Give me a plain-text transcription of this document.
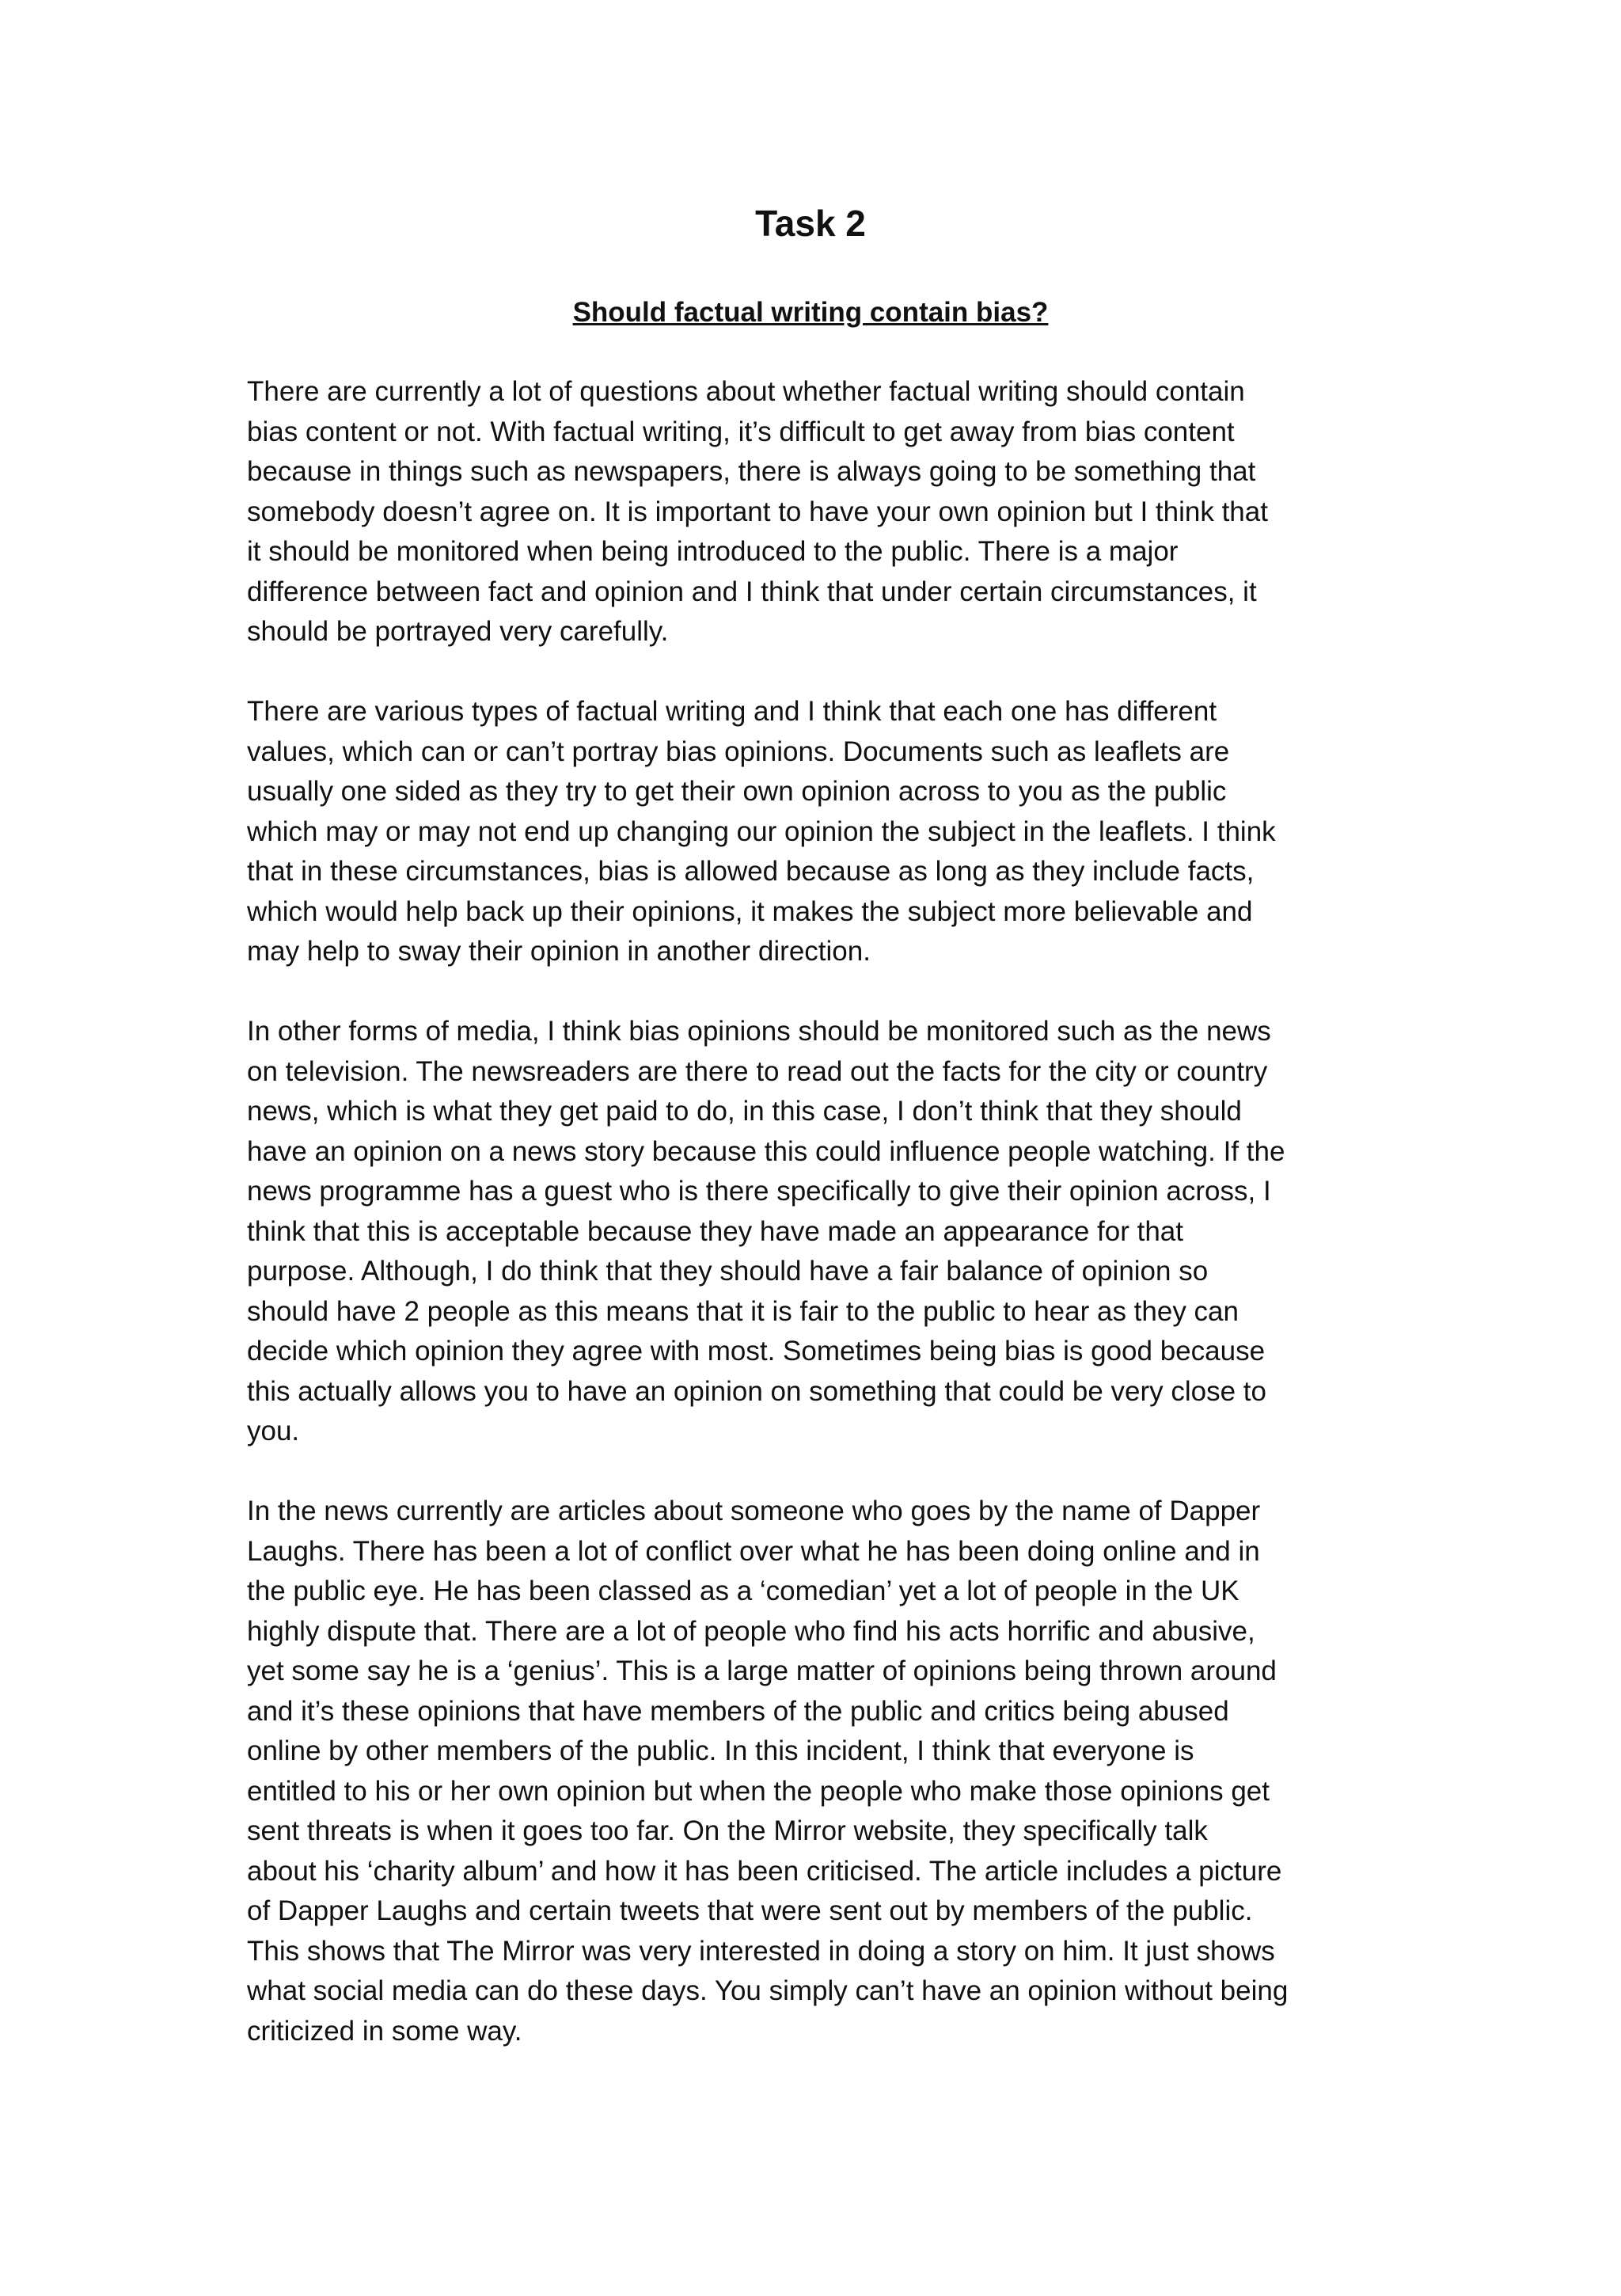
Task 2
Should factual writing contain bias?

There are currently a lot of questions about whether factual writing should contain
bias content or not. With factual writing, it’s difficult to get away from bias content
because in things such as newspapers, there is always going to be something that
somebody doesn’t agree on. It is important to have your own opinion but I think that
it should be monitored when being introduced to the public. There is a major
difference between fact and opinion and I think that under certain circumstances, it
should be portrayed very carefully.

There are various types of factual writing and I think that each one has different
values, which can or can’t portray bias opinions. Documents such as leaflets are
usually one sided as they try to get their own opinion across to you as the public
which may or may not end up changing our opinion the subject in the leaflets. I think
that in these circumstances, bias is allowed because as long as they include facts,
which would help back up their opinions, it makes the subject more believable and
may help to sway their opinion in another direction.

In other forms of media, I think bias opinions should be monitored such as the news
on television. The newsreaders are there to read out the facts for the city or country
news, which is what they get paid to do, in this case, I don’t think that they should
have an opinion on a news story because this could influence people watching. If the
news programme has a guest who is there specifically to give their opinion across, I
think that this is acceptable because they have made an appearance for that
purpose. Although, I do think that they should have a fair balance of opinion so
should have 2 people as this means that it is fair to the public to hear as they can
decide which opinion they agree with most. Sometimes being bias is good because
this actually allows you to have an opinion on something that could be very close to
you.

In the news currently are articles about someone who goes by the name of Dapper
Laughs. There has been a lot of conflict over what he has been doing online and in
the public eye. He has been classed as a ‘comedian’ yet a lot of people in the UK
highly dispute that. There are a lot of people who find his acts horrific and abusive,
yet some say he is a ‘genius’. This is a large matter of opinions being thrown around
and it’s these opinions that have members of the public and critics being abused
online by other members of the public. In this incident, I think that everyone is
entitled to his or her own opinion but when the people who make those opinions get
sent threats is when it goes too far. On the Mirror website, they specifically talk
about his ‘charity album’ and how it has been criticised. The article includes a picture
of Dapper Laughs and certain tweets that were sent out by members of the public.
This shows that The Mirror was very interested in doing a story on him. It just shows
what social media can do these days. You simply can’t have an opinion without being
criticized in some way.
